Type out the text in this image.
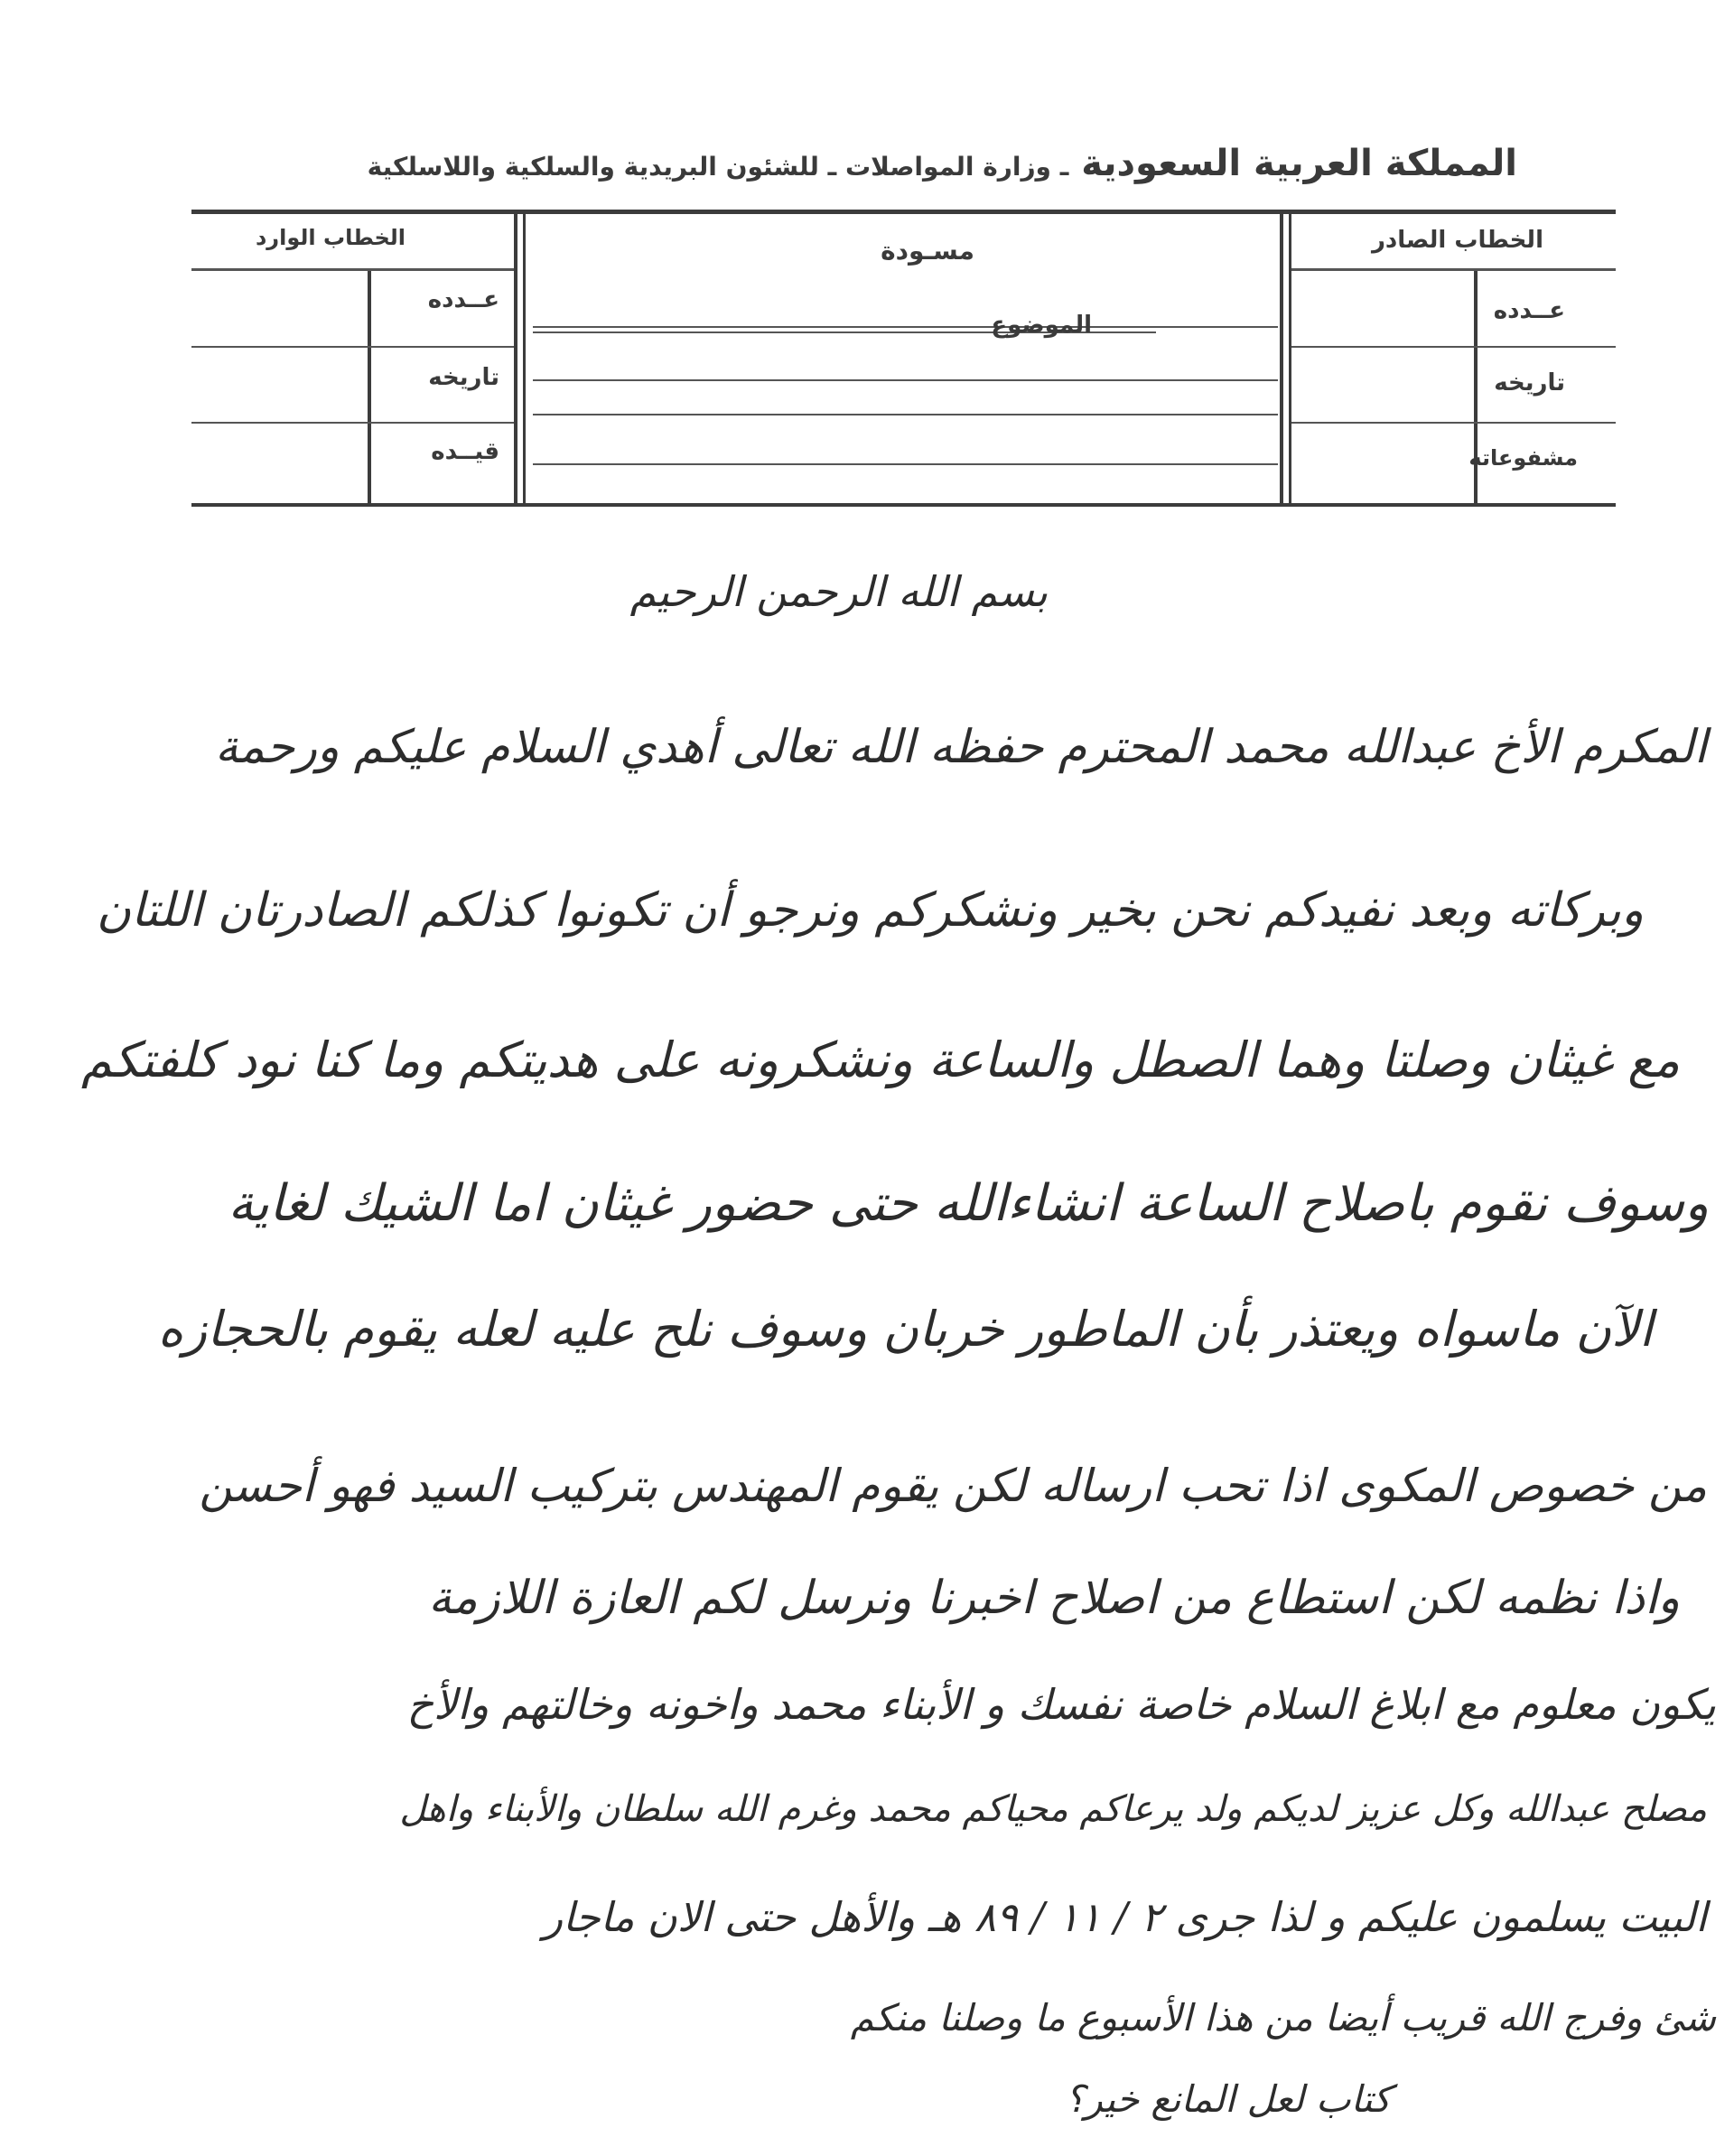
المملكة العربية السعودية ـ وزارة المواصلات ـ للشئون البريدية والسلكية واللاسلكية
الخطاب الصادر
عــدده
تاريخه
مشفوعاته
مسـودة
الموضوع
الخطاب الوارد
عــدده
تاريخه
قيــده
بسم الله الرحمن الرحيم
المكرم الأخ عبدالله محمد المحترم حفظه الله تعالى أهدي السلام عليكم ورحمة
وبركاته وبعد نفيدكم نحن بخير ونشكركم ونرجو أن تكونوا كذلكم الصادرتان اللتان
مع غيثان وصلتا وهما الصطل والساعة ونشكرونه على هديتكم وما كنا نود كلفتكم
وسوف نقوم باصلاح الساعة انشاءالله حتى حضور غيثان اما الشيك لغاية
الآن ماسواه ويعتذر بأن الماطور خربان وسوف نلح عليه لعله يقوم بالحجازه
من خصوص المكوى اذا تحب ارساله لكن يقوم المهندس بتركيب السيد فهو أحسن
واذا نظمه لكن استطاع من اصلاح اخبرنا ونرسل لكم العازة اللازمة
يكون معلوم مع ابلاغ السلام خاصة نفسك و الأبناء محمد واخونه وخالتهم والأخ
مصلح عبدالله وكل عزيز لديكم ولد يرعاكم محياكم محمد وغرم الله سلطان والأبناء واهل
البيت يسلمون عليكم و لذا جرى ٢ / ١١ / ٨٩ هـ والأهل حتى الان ماجار
شئ وفرج الله قريب أيضا من هذا الأسبوع ما وصلنا منكم
كتاب لعل المانع خير؟
